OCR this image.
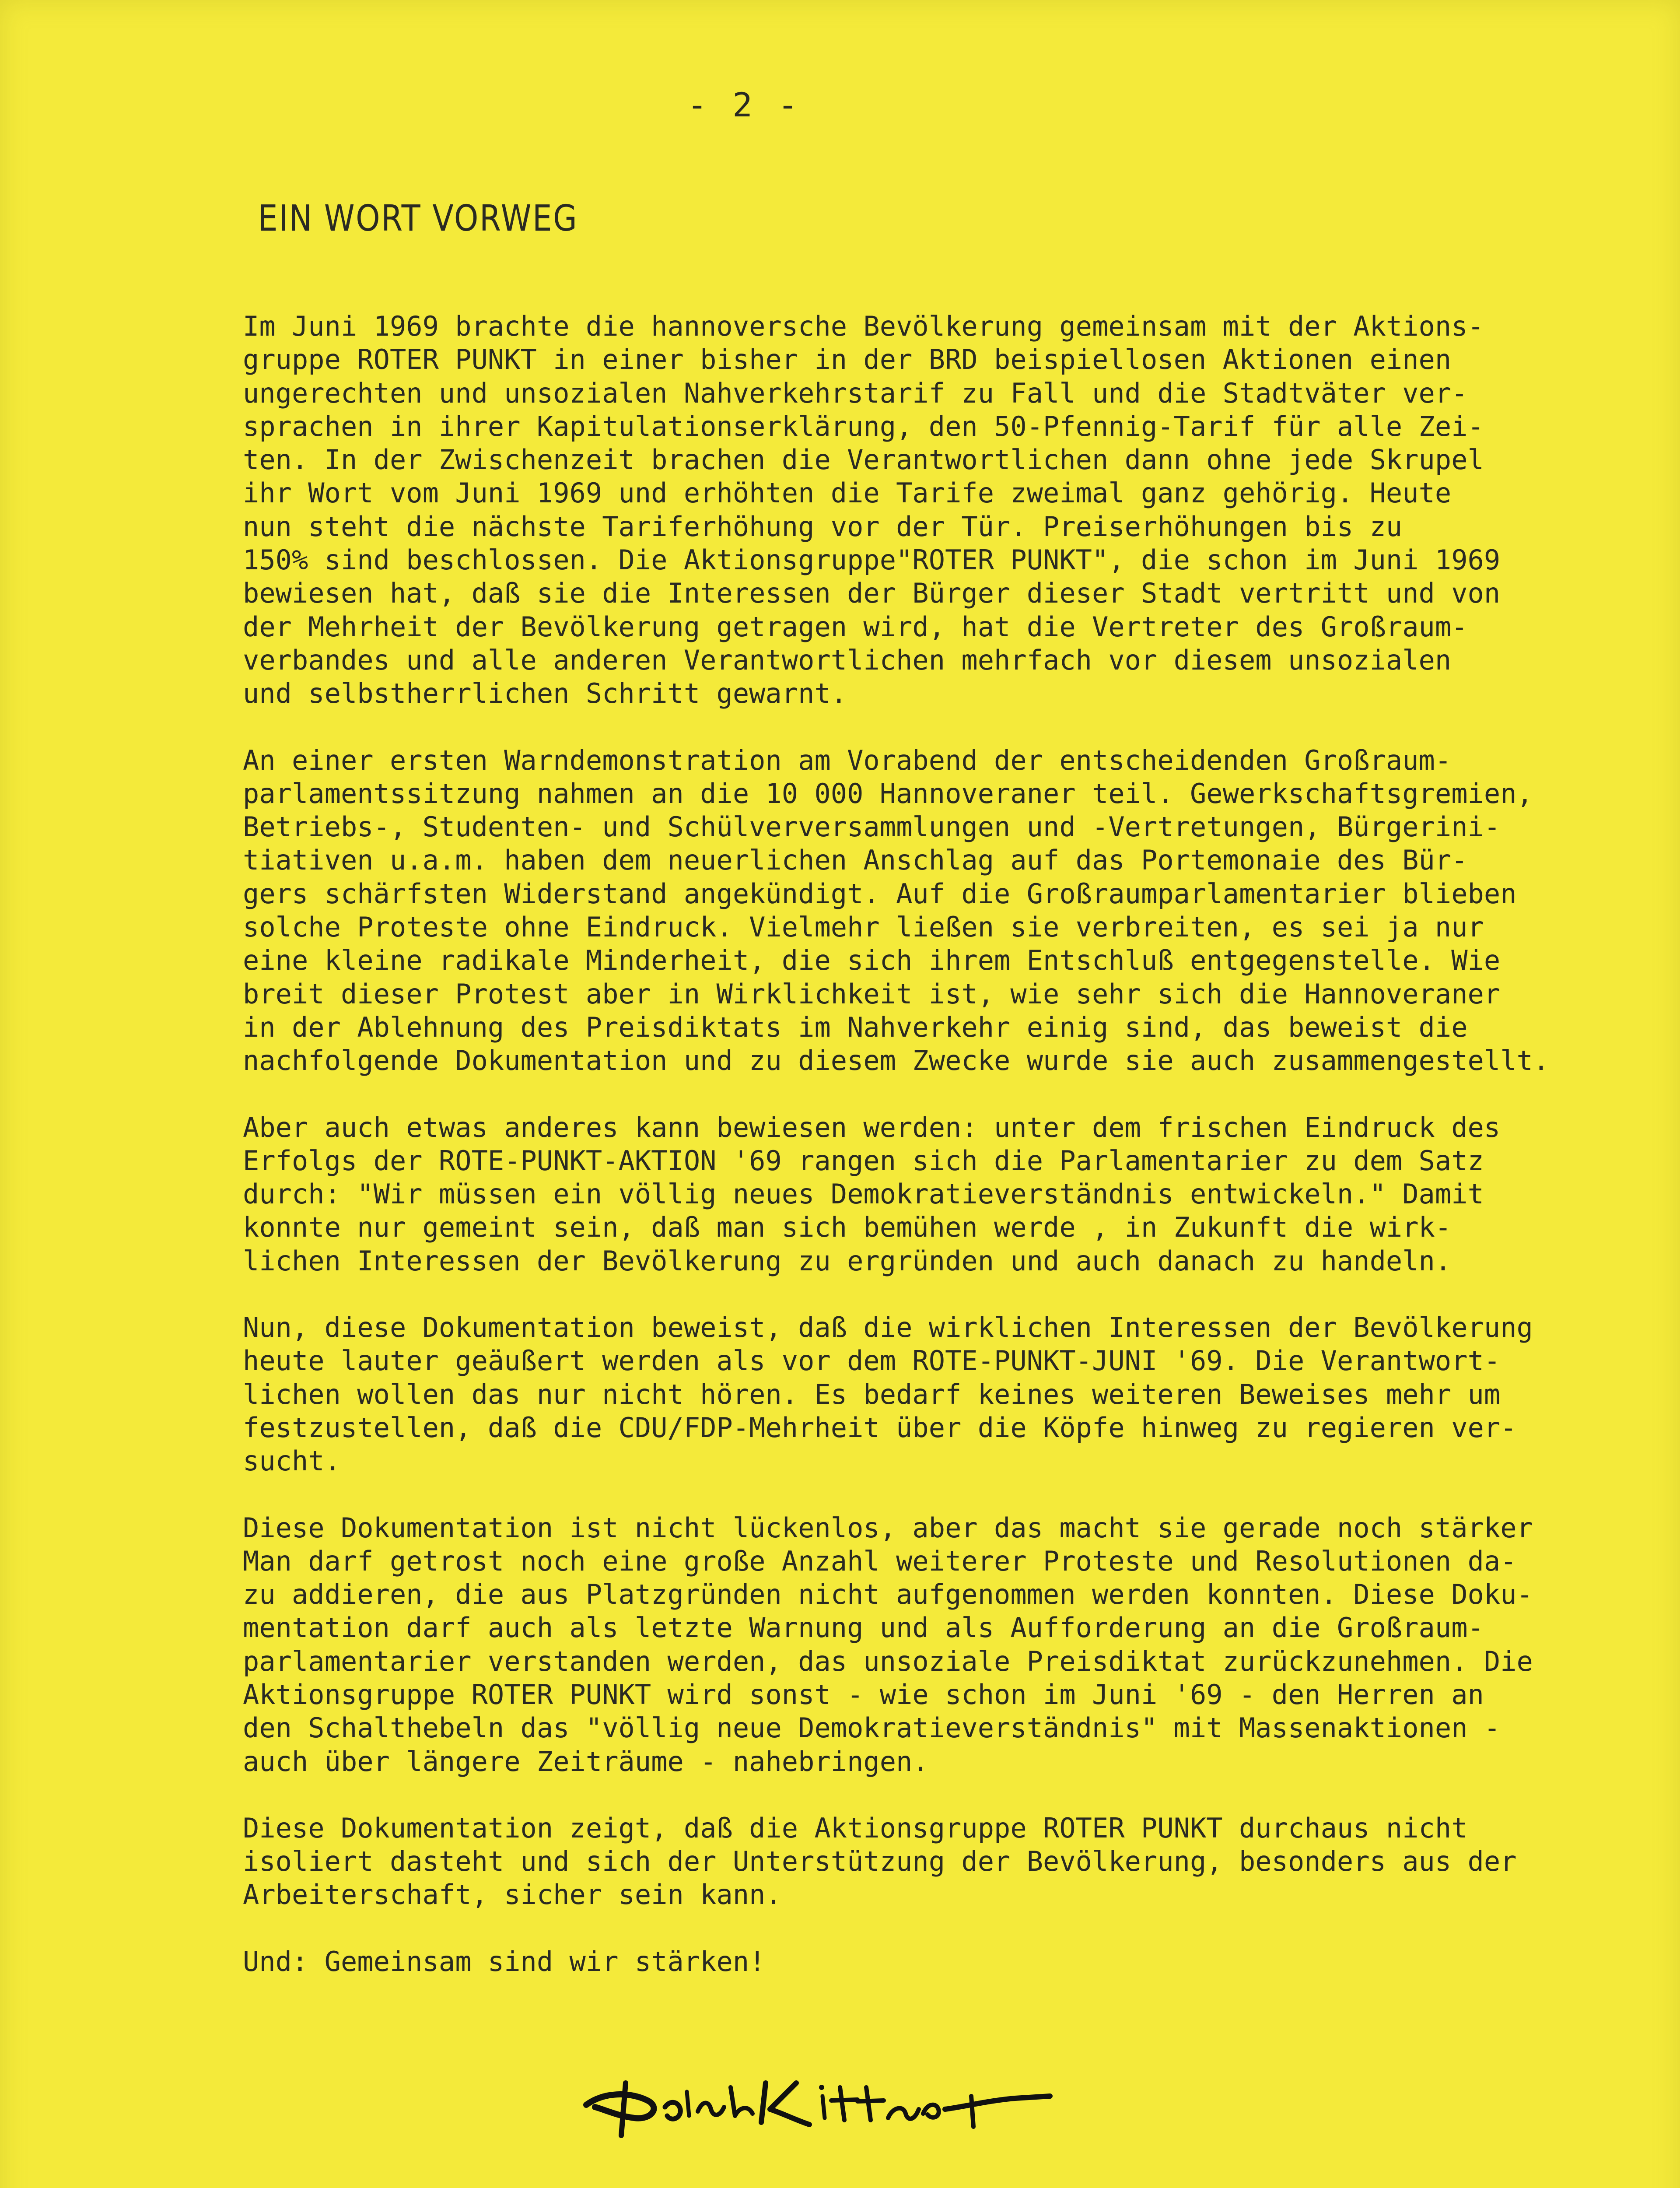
- 2 -
EIN WORT VORWEG
Im Juni 1969 brachte die hannoversche Bevölkerung gemeinsam mit der Aktions-
gruppe ROTER PUNKT in einer bisher in der BRD beispiellosen Aktionen einen
ungerechten und unsozialen Nahverkehrstarif zu Fall und die Stadtväter ver-
sprachen in ihrer Kapitulationserklärung, den 50-Pfennig-Tarif für alle Zei-
ten. In der Zwischenzeit brachen die Verantwortlichen dann ohne jede Skrupel
ihr Wort vom Juni 1969 und erhöhten die Tarife zweimal ganz gehörig. Heute
nun steht die nächste Tariferhöhung vor der Tür. Preiserhöhungen bis zu
150% sind beschlossen. Die Aktionsgruppe"ROTER PUNKT", die schon im Juni 1969
bewiesen hat, daß sie die Interessen der Bürger dieser Stadt vertritt und von
der Mehrheit der Bevölkerung getragen wird, hat die Vertreter des Großraum-
verbandes und alle anderen Verantwortlichen mehrfach vor diesem unsozialen
und selbstherrlichen Schritt gewarnt.
An einer ersten Warndemonstration am Vorabend der entscheidenden Großraum-
parlamentssitzung nahmen an die 10 000 Hannoveraner teil. Gewerkschaftsgremien,
Betriebs-, Studenten- und Schülverversammlungen und -Vertretungen, Bürgerini-
tiativen u.a.m. haben dem neuerlichen Anschlag auf das Portemonaie des Bür-
gers schärfsten Widerstand angekündigt. Auf die Großraumparlamentarier blieben
solche Proteste ohne Eindruck. Vielmehr ließen sie verbreiten, es sei ja nur
eine kleine radikale Minderheit, die sich ihrem Entschluß entgegenstelle. Wie
breit dieser Protest aber in Wirklichkeit ist, wie sehr sich die Hannoveraner
in der Ablehnung des Preisdiktats im Nahverkehr einig sind, das beweist die
nachfolgende Dokumentation und zu diesem Zwecke wurde sie auch zusammengestellt.
Aber auch etwas anderes kann bewiesen werden: unter dem frischen Eindruck des
Erfolgs der ROTE-PUNKT-AKTION '69 rangen sich die Parlamentarier zu dem Satz
durch: "Wir müssen ein völlig neues Demokratieverständnis entwickeln." Damit
konnte nur gemeint sein, daß man sich bemühen werde , in Zukunft die wirk-
lichen Interessen der Bevölkerung zu ergründen und auch danach zu handeln.
Nun, diese Dokumentation beweist, daß die wirklichen Interessen der Bevölkerung
heute lauter geäußert werden als vor dem ROTE-PUNKT-JUNI '69. Die Verantwort-
lichen wollen das nur nicht hören. Es bedarf keines weiteren Beweises mehr um
festzustellen, daß die CDU/FDP-Mehrheit über die Köpfe hinweg zu regieren ver-
sucht.
Diese Dokumentation ist nicht lückenlos, aber das macht sie gerade noch stärker
Man darf getrost noch eine große Anzahl weiterer Proteste und Resolutionen da-
zu addieren, die aus Platzgründen nicht aufgenommen werden konnten. Diese Doku-
mentation darf auch als letzte Warnung und als Aufforderung an die Großraum-
parlamentarier verstanden werden, das unsoziale Preisdiktat zurückzunehmen. Die
Aktionsgruppe ROTER PUNKT wird sonst - wie schon im Juni '69 - den Herren an
den Schalthebeln das "völlig neue Demokratieverständnis" mit Massenaktionen -
auch über längere Zeiträume - nahebringen.
Diese Dokumentation zeigt, daß die Aktionsgruppe ROTER PUNKT durchaus nicht
isoliert dasteht und sich der Unterstützung der Bevölkerung, besonders aus der
Arbeiterschaft, sicher sein kann.
Und: Gemeinsam sind wir stärken!
